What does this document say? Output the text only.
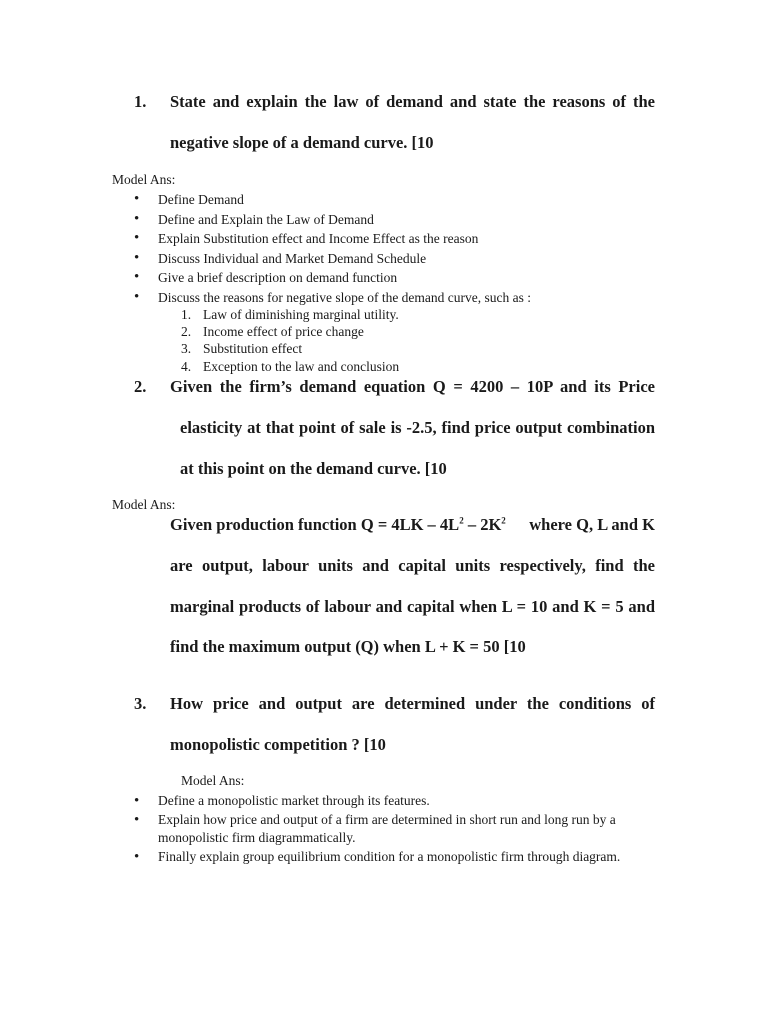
1. State and explain the law of demand and state the reasons of the
negative slope of a demand curve. [10
Model Ans:
• Define Demand
• Define and Explain the Law of Demand
• Explain Substitution effect and Income Effect as the reason
• Discuss Individual and Market Demand Schedule
• Give a brief description on demand function
• Discuss the reasons for negative slope of the demand curve, such as :
1. Law of diminishing marginal utility.
2. Income effect of price change
3. Substitution effect
4. Exception to the law and conclusion
2. Given the firm’s demand equation Q = 4200 – 10P and its Price
elasticity at that point of sale is -2.5, find price output combination
at this point on the demand curve. [10
Model Ans:
Given production function $Q = 4LK - 4L^2 - 2K^2$ where Q, L and K
are output, labour units and capital units respectively, find the
marginal products of labour and capital when L = 10 and K = 5 and
find the maximum output (Q) when L + K = 50 [10
3. How price and output are determined under the conditions of
monopolistic competition ? [10
Model Ans:
• Define a monopolistic market through its features.
• Explain how price and output of a firm are determined in short run and long run by a monopolistic firm diagrammatically.
• Finally explain group equilibrium condition for a monopolistic firm through diagram.
